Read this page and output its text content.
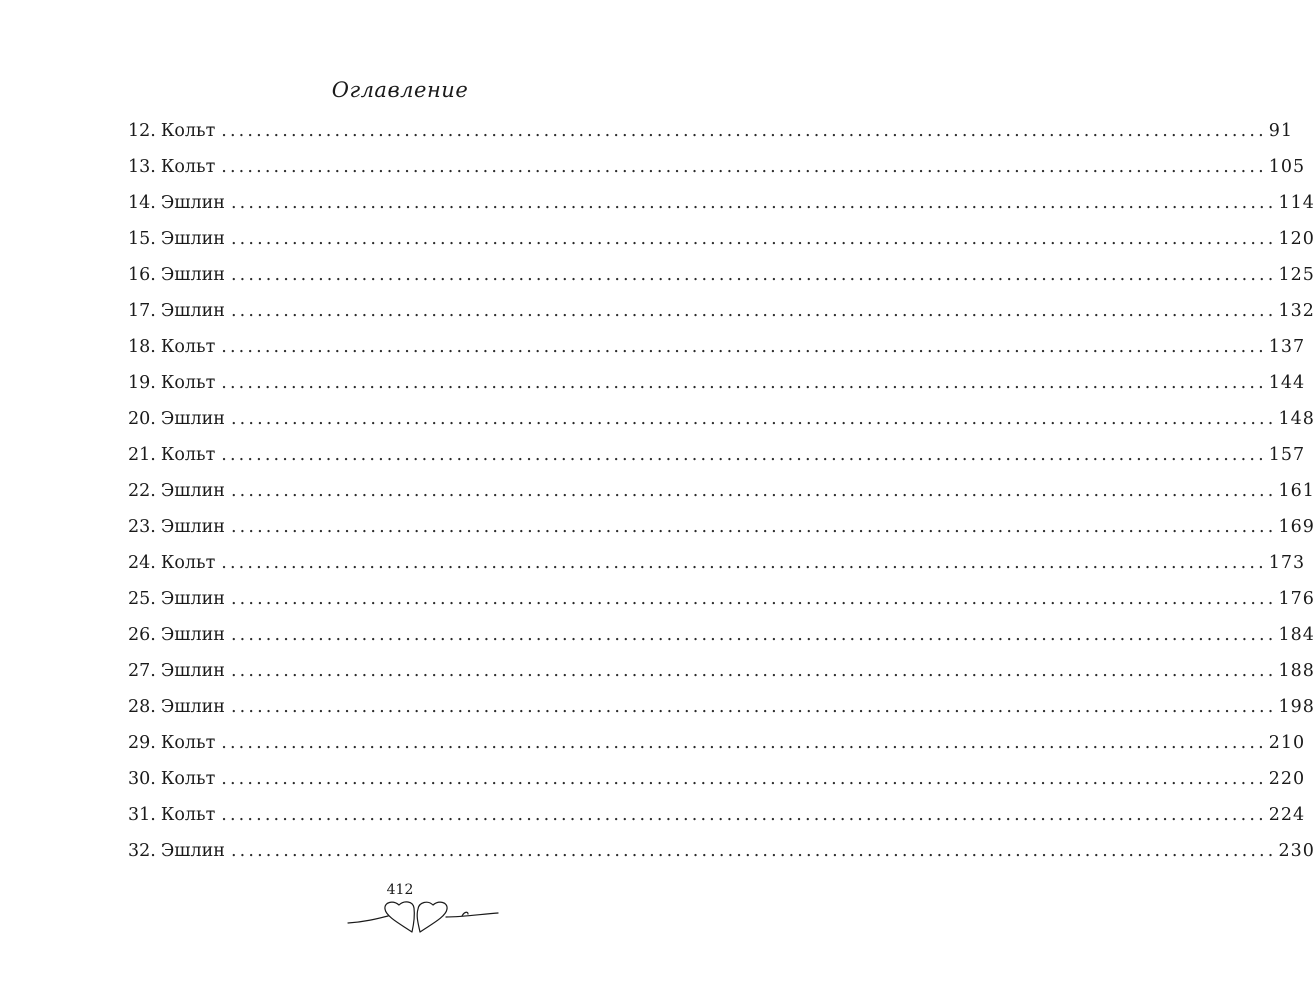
Оглавление
12. Кольт ........................................................................................................................ 91
13. Кольт ........................................................................................................................ 105
14. Эшлин ........................................................................................................................ 114
15. Эшлин ........................................................................................................................ 120
16. Эшлин ........................................................................................................................ 125
17. Эшлин ........................................................................................................................ 132
18. Кольт ........................................................................................................................ 137
19. Кольт ........................................................................................................................ 144
20. Эшлин ........................................................................................................................ 148
21. Кольт ........................................................................................................................ 157
22. Эшлин ........................................................................................................................ 161
23. Эшлин ........................................................................................................................ 169
24. Кольт ........................................................................................................................ 173
25. Эшлин ........................................................................................................................ 176
26. Эшлин ........................................................................................................................ 184
27. Эшлин ........................................................................................................................ 188
28. Эшлин ........................................................................................................................ 198
29. Кольт ........................................................................................................................ 210
30. Кольт ........................................................................................................................ 220
31. Кольт ........................................................................................................................ 224
32. Эшлин ........................................................................................................................ 230
412
